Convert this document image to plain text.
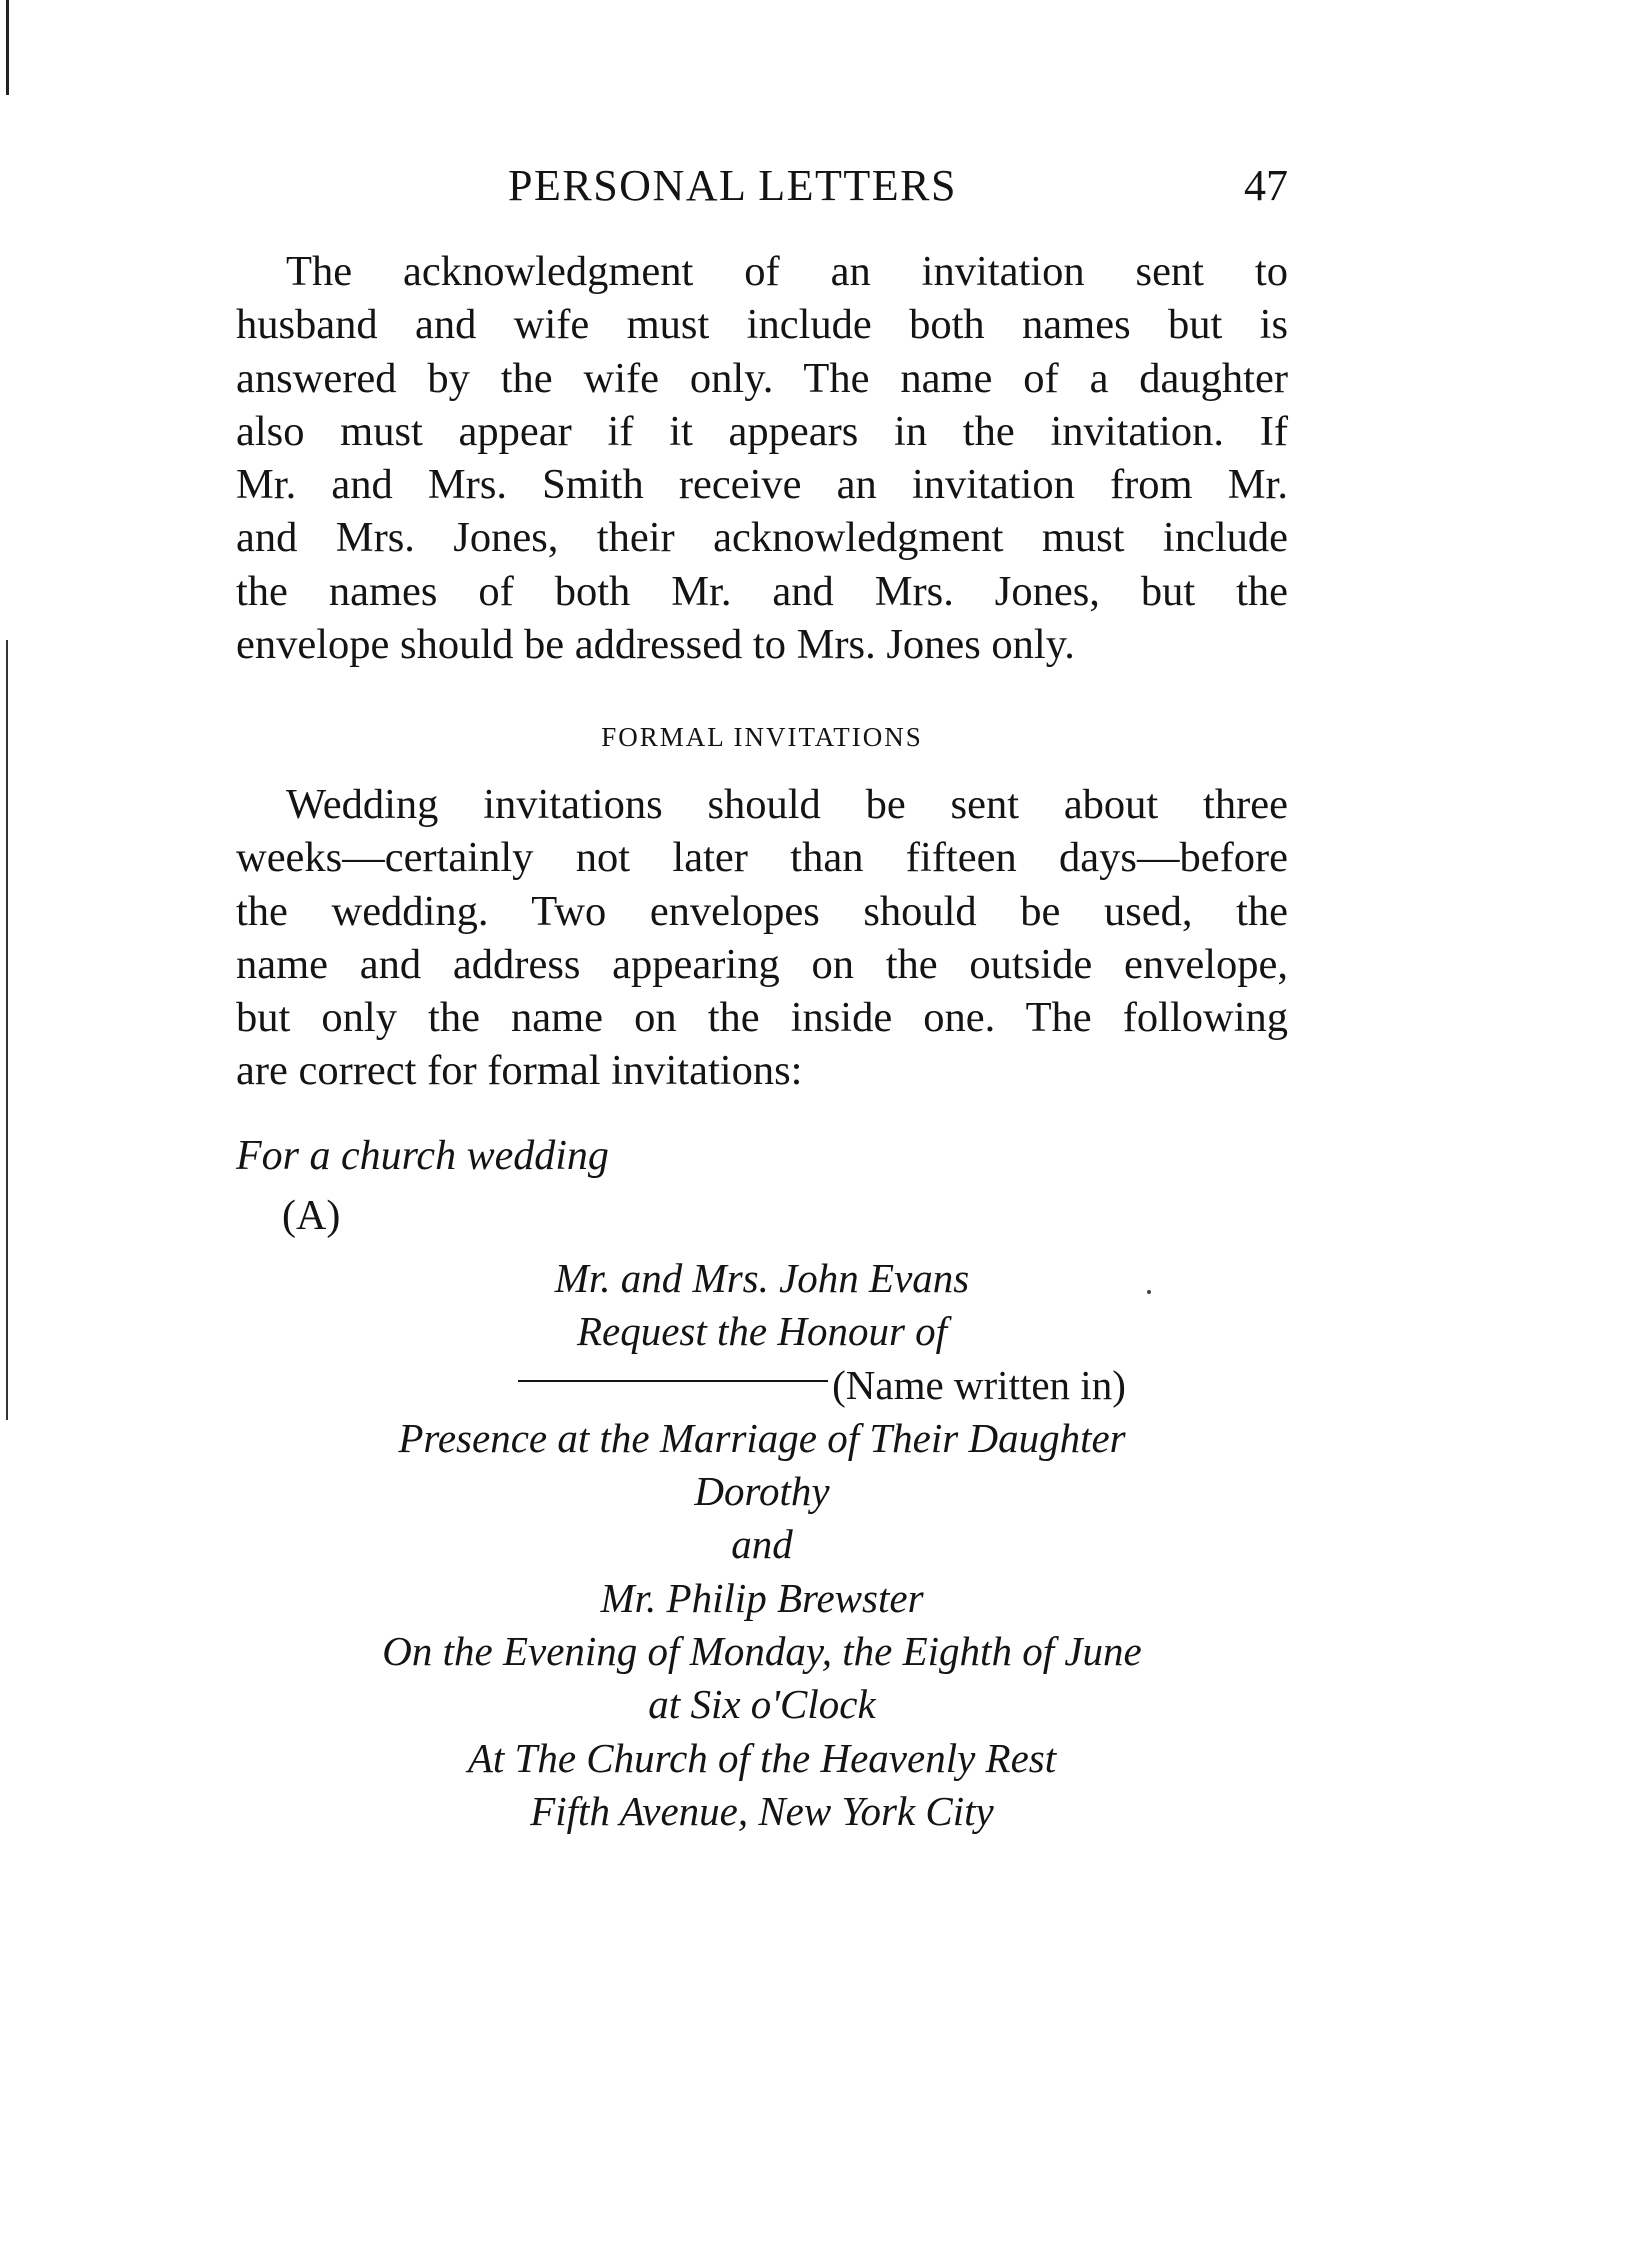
PERSONAL LETTERS	47
The acknowledgment of an invitation sent to
husband and wife must include both names but is
answered by the wife only. The name of a daughter
also must appear if it appears in the invitation. If
Mr. and Mrs. Smith receive an invitation from Mr.
and Mrs. Jones, their acknowledgment must include
the names of both Mr. and Mrs. Jones, but the
envelope should be addressed to Mrs. Jones only.
FORMAL INVITATIONS
Wedding invitations should be sent about three
weeks—certainly not later than fifteen days—before
the wedding. Two envelopes should be used, the
name and address appearing on the outside envelope,
but only the name on the inside one. The following
are correct for formal invitations:
For a church wedding
(A)
Mr. and Mrs. John Evans
Request the Honour of
(Name written in)
Presence at the Marriage of Their Daughter
Dorothy
and
Mr. Philip Brewster
On the Evening of Monday, the Eighth of June
at Six o'Clock
At The Church of the Heavenly Rest
Fifth Avenue, New York City
